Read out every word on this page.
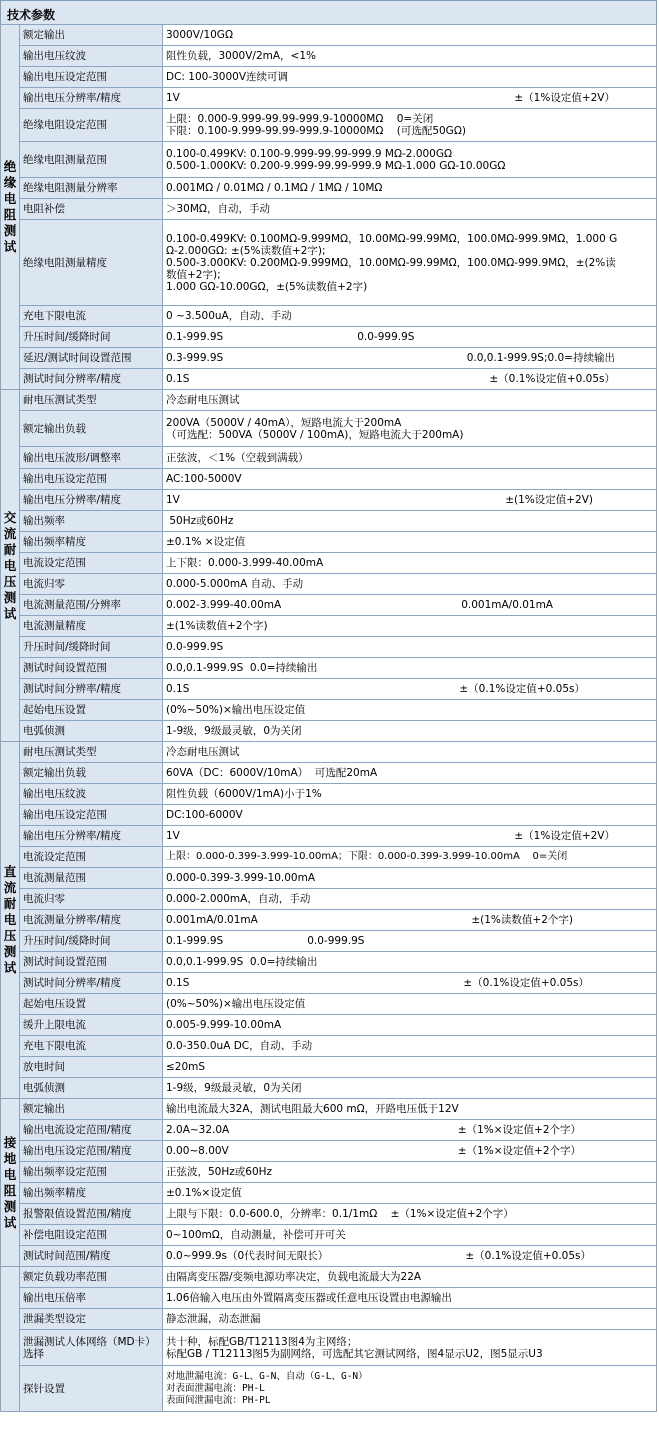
技术参数
绝缘电阻测试	额定输出	3000V/10GΩ
	输出电压纹波	阻性负载，3000V/2mA，<1%
	输出电压设定范围	DC: 100-3000V连续可调
	输出电压分辨率/精度	1V ±（1%设定值+2V）

	绝缘电阻设定范围	上限：0.000-9.999-99.99-999.9-10000MΩ    0=关闭
下限：0.100-9.999-99.99-999.9-10000MΩ    (可选配50GΩ)

	绝缘电阻测量范围	0.100-0.499KV: 0.100-9.999-99.99-999.9 MΩ-2.000GΩ
0.500-1.000KV: 0.200-9.999-99.99-999.9 MΩ-1.000 GΩ-10.00GΩ

	绝缘电阻测量分辨率	0.001MΩ / 0.01MΩ / 0.1MΩ / 1MΩ / 10MΩ
	电阻补偿	＞30MΩ，自动，手动
	绝缘电阻测量精度	0.100-0.499KV: 0.100MΩ-9.999MΩ，10.00MΩ-99.99MΩ，100.0MΩ-999.9MΩ，1.000 G
Ω-2.000GΩ: ±(5%读数值+2字);
0.500-3.000KV: 0.200MΩ-9.999MΩ，10.00MΩ-99.99MΩ，100.0MΩ-999.9MΩ，±(2%读
数值+2字);
1.000 GΩ-10.00GΩ，±(5%读数值+2字)

	充电下限电流	0 ~3.500uA，自动、手动
	升压时间/缓降时间	0.1-999.9S 0.0-999.9S
	延迟/测试时间设置范围	0.3-999.9S 0.0,0.1-999.9S;0.0=持续输出

	测试时间分辨率/精度	0.1S ±（0.1%设定值+0.05s）

交流耐电压测试	耐电压测试类型	冷态耐电压测试
	额定输出负载	200VA（5000V / 40mA），短路电流大于200mA
（可选配：500VA（5000V / 100mA)，短路电流大于200mA)

	输出电压波形/调整率	正弦波，＜1%（空载到满载）
	输出电压设定范围	AC:100-5000V
	输出电压分辨率/精度	1V ±(1%设定值+2V)

	输出频率	50Hz或60Hz
	输出频率精度	±0.1% ×设定值
	电流设定范围	上下限：0.000-3.999-40.00mA
	电流归零	0.000-5.000mA 自动、手动
	电流测量范围/分辨率	0.002-3.999-40.00mA 0.001mA/0.01mA

	电流测量精度	±(1%读数值+2个字)
	升压时间/缓降时间	0.0-999.9S
	测试时间设置范围	0.0,0.1-999.9S  0.0=持续输出
	测试时间分辨率/精度	0.1S ±（0.1%设定值+0.05s）

	起始电压设置	(0%~50%)×输出电压设定值
	电弧侦测	1-9级，9级最灵敏，0为关闭
直流耐电压测试	耐电压测试类型	冷态耐电压测试
	额定输出负载	60VA（DC：6000V/10mA）  可选配20mA
	输出电压纹波	阻性负载（6000V/1mA)小于1%
	输出电压设定范围	DC:100-6000V
	输出电压分辨率/精度	1V ±（1%设定值+2V）

	电流设定范围	上限：0.000-0.399-3.999-10.00mA；下限：0.000-0.399-3.999-10.00mA    0=关闭
	电流测量范围	0.000-0.399-3.999-10.00mA
	电流归零	0.000-2.000mA，自动，手动
	电流测量分辨率/精度	0.001mA/0.01mA ±(1%读数值+2个字)

	升压时间/缓降时间	0.1-999.9S 0.0-999.9S
	测试时间设置范围	0.0,0.1-999.9S  0.0=持续输出
	测试时间分辨率/精度	0.1S ±（0.1%设定值+0.05s）

	起始电压设置	(0%~50%)×输出电压设定值
	缓升上限电流	0.005-9.999-10.00mA
	充电下限电流	0.0-350.0uA DC，自动、手动
	放电时间	≤20mS
	电弧侦测	1-9级，9级最灵敏，0为关闭
接地电阻测试	额定输出	输出电流最大32A，测试电阻最大600 mΩ，开路电压低于12V
	输出电流设定范围/精度	2.0A~32.0A ±（1%×设定值+2个字）

	输出电压设定范围/精度	0.00~8.00V ±（1%×设定值+2个字）

	输出频率设定范围	正弦波，50Hz或60Hz
	输出频率精度	±0.1%×设定值
	报警限值设置范围/精度	上限与下限：0.0-600.0，分辨率：0.1/1mΩ    ±（1%×设定值+2个字）
	补偿电阻设定范围	0~100mΩ，自动测量，补偿可开可关
	测试时间范围/精度	0.0~999.9s（0代表时间无限长） ±（0.1%设定值+0.05s）

	额定负载功率范围	由隔离变压器/变频电源功率决定，负载电流最大为22A
	输出电压倍率	1.06倍输入电压由外置隔离变压器或任意电压设置由电源输出
	泄漏类型设定	静态泄漏，动态泄漏
	泄漏测试人体网络（MD卡）选择	共十种，标配GB/T12113图4为主网络；
标配GB / T12113图5为副网络，可选配其它测试网络，图4显示U2，图5显示U3

	探针设置	对地泄漏电流：G-L、G-N、自动（G-L、G-N）
对表面泄漏电流：PH-L
表面间泄漏电流：PH-PL
